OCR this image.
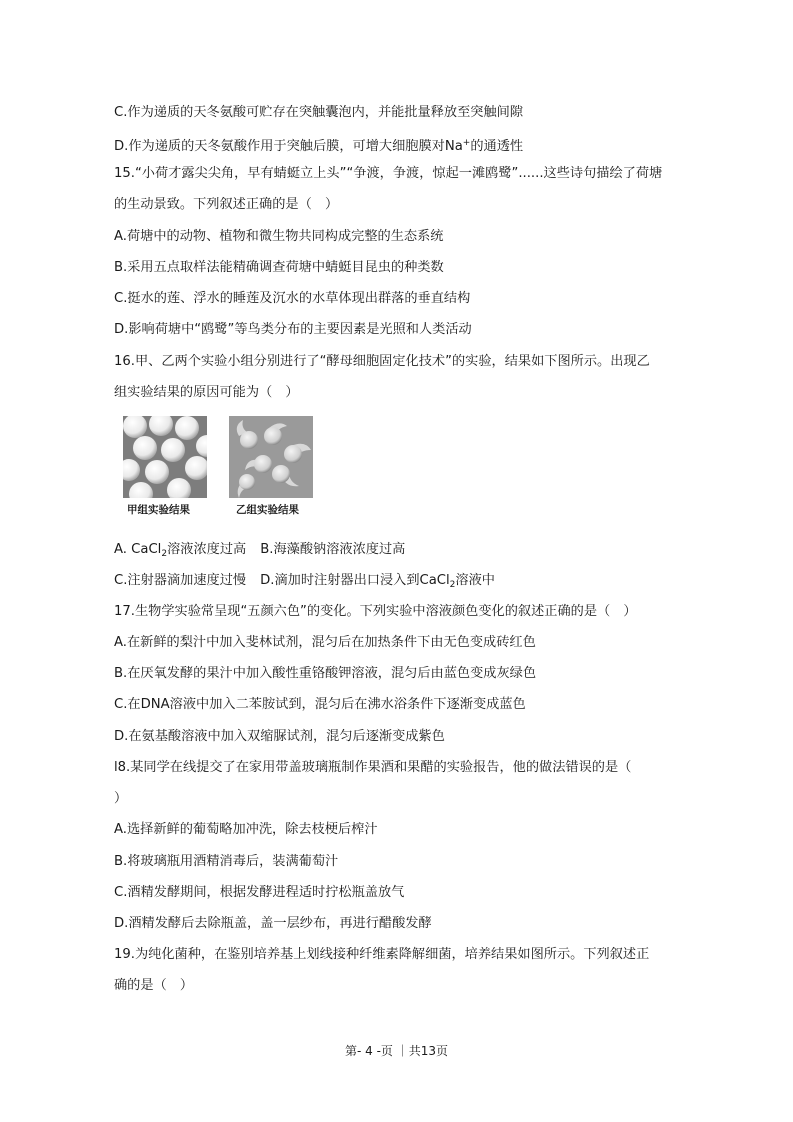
C.作为递质的天冬氨酸可贮存在突触囊泡内，并能批量释放至突触间隙
D.作为递质的天冬氨酸作用于突触后膜，可增大细胞膜对Na+的通透性
15.“小荷才露尖尖角，早有蜻蜓立上头”“争渡，争渡，惊起一滩鸥鹭”......这些诗句描绘了荷塘
的生动景致。下列叙述正确的是（　）
A.荷塘中的动物、植物和微生物共同构成完整的生态系统
B.采用五点取样法能精确调查荷塘中蜻蜓目昆虫的种类数
C.挺水的莲、浮水的睡莲及沉水的水草体现出群落的垂直结构
D.影响荷塘中“鸥鹭”等鸟类分布的主要因素是光照和人类活动
16.甲、乙两个实验小组分别进行了“酵母细胞固定化技术”的实验，结果如下图所示。出现乙
组实验结果的原因可能为（　）
甲组实验结果	乙组实验结果
A. CaCl$_2$溶液浓度过高 B.海藻酸钠溶液浓度过高
C.注射器滴加速度过慢 D.滴加时注射器出口浸入到CaCl$_2$溶液中
17.生物学实验常呈现“五颜六色”的变化。下列实验中溶液颜色变化的叙述正确的是（　）
A.在新鲜的梨汁中加入斐林试剂，混匀后在加热条件下由无色变成砖红色
B.在厌氧发酵的果汁中加入酸性重铬酸钾溶液，混匀后由蓝色变成灰绿色
C.在DNA溶液中加入二苯胺试到，混匀后在沸水浴条件下逐渐变成蓝色
D.在氨基酸溶液中加入双缩脲试剂，混匀后逐渐变成紫色
l8.某同学在线提交了在家用带盖玻璃瓶制作果酒和果醋的实验报告，他的做法错误的是（
）
A.选择新鲜的葡萄略加冲洗，除去枝梗后榨汁
B.将玻璃瓶用酒精消毒后，装满葡萄汁
C.酒精发酵期间，根据发酵进程适时拧松瓶盖放气
D.酒精发酵后去除瓶盖，盖一层纱布，再进行醋酸发酵
19.为纯化菌种，在鉴别培养基上划线接种纤维素降解细菌，培养结果如图所示。下列叙述正
确的是（　）
第- 4 -页 ｜共13页
